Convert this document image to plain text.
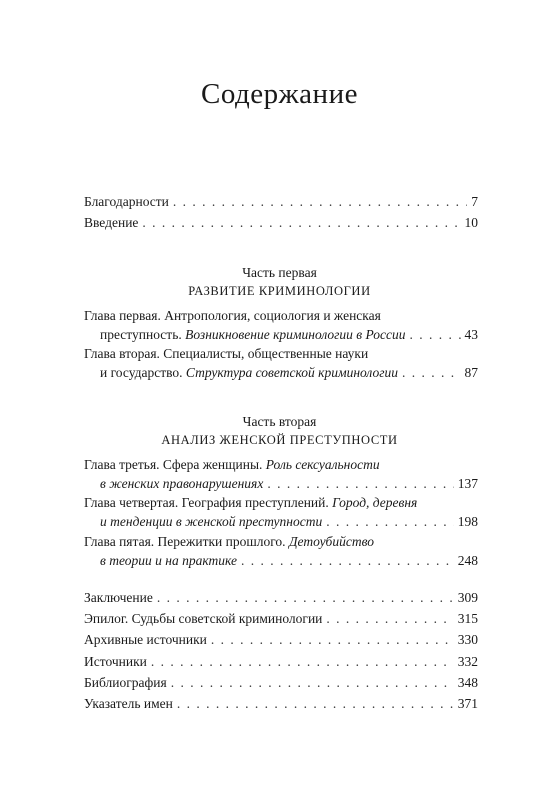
Содержание
Благодарности . . .	7
Введение . . .	10
Часть первая
РАЗВИТИЕ КРИМИНОЛОГИИ
Глава первая. Антропология, социология и женская
преступность. Возникновение криминологии в России . . .	43
Глава вторая. Специалисты, общественные науки
и государство. Структура советской криминологии . . .	87
Часть вторая
АНАЛИЗ ЖЕНСКОЙ ПРЕСТУПНОСТИ
Глава третья. Сфера женщины. Роль сексуальности
в женских правонарушениях . . .	137
Глава четвертая. География преступлений. Город, деревня
и тенденции в женской преступности . . .	198
Глава пятая. Пережитки прошлого. Детоубийство
в теории и на практике . . .	248
Заключение . . .	309
Эпилог. Судьбы советской криминологии . . .	315
Архивные источники . . .	330
Источники . . .	332
Библиография . . .	348
Указатель имен . . .	371
